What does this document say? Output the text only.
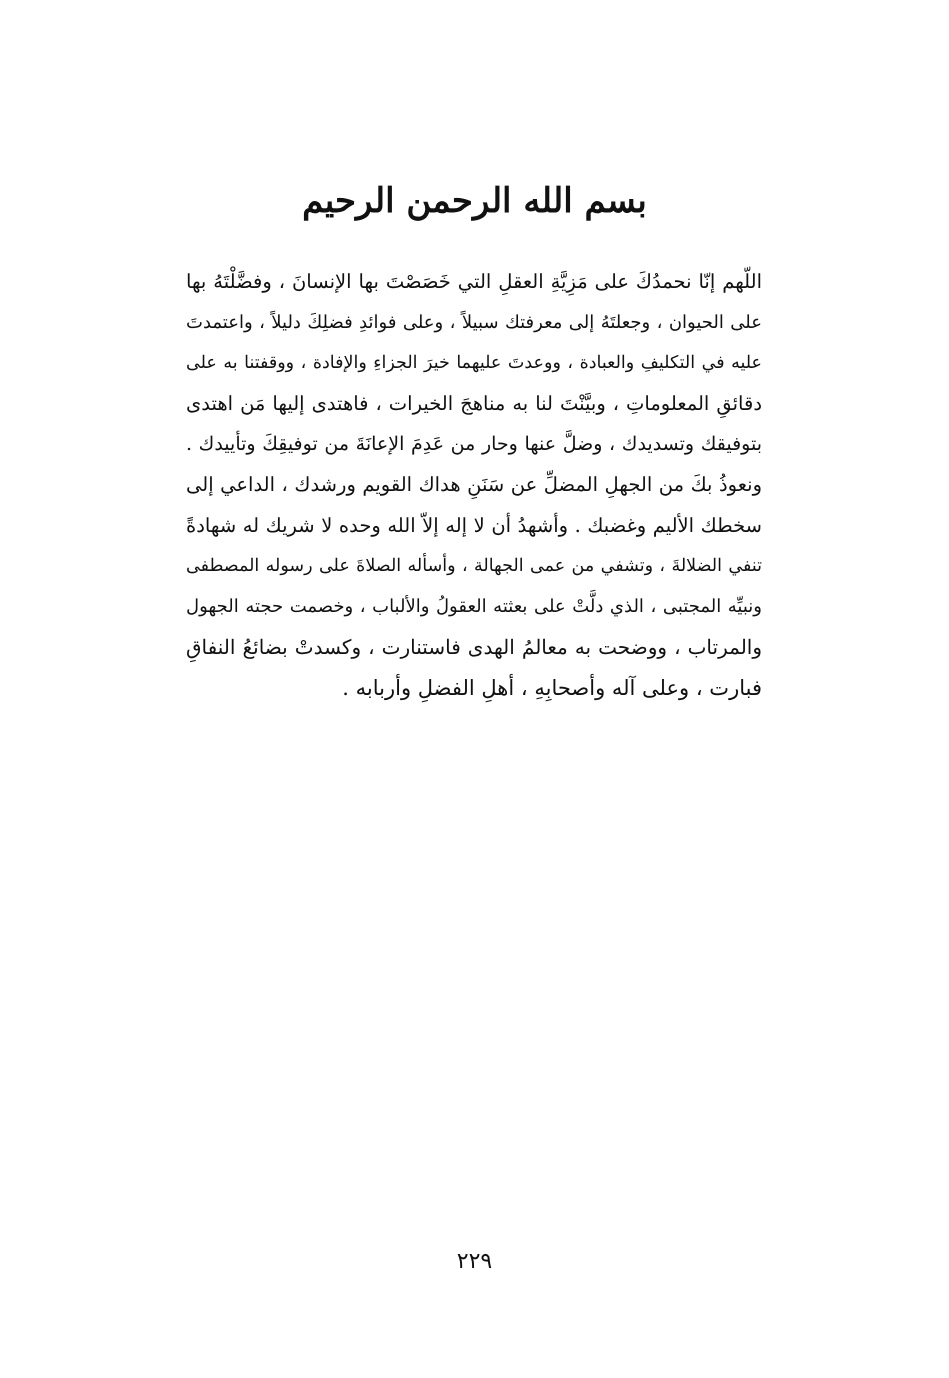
بسم الله الرحمن الرحيم
اللّهم إنّا نحمدُكَ على مَزِيَّةِ العقلِ التي خَصَصْتَ بها الإنسانَ ، وفضَّلْتَهُ بها
على الحيوان ، وجعلتَهُ إلى معرفتك سبيلاً ، وعلى فوائدِ فضلِكَ دليلاً ، واعتمدتَ
عليه في التكليفِ والعبادة ، ووعدتَ عليهما خيرَ الجزاءِ والإفادة ، ووقفتنا به على
دقائقِ المعلوماتِ ، وبيَّنْتَ لنا به مناهجَ الخيرات ، فاهتدى إليها مَن اهتدى
بتوفيقك وتسديدك ، وضلَّ عنها وحار من عَدِمَ الإعانَةَ من توفيقِكَ وتأييدك .
ونعوذُ بكَ من الجهلِ المضلِّ عن سَنَنِ هداك القويم ورشدك ، الداعي إلى
سخطك الأليم وغضبك . وأشهدُ أن لا إله إلاّ الله وحده لا شريك له شهادةً
تنفي الضلالةَ ، وتشفي من عمى الجهالة ، وأسأله الصلاةَ على رسوله المصطفى
ونبيِّه المجتبى ، الذي دلَّتْ على بعثته العقولُ والألباب ، وخصمت حجته الجهول
والمرتاب ، ووضحت به معالمُ الهدى فاستنارت ، وكسدتْ بضائعُ النفاقِ
فبارت ، وعلى آله وأصحابِهِ ، أهلِ الفضلِ وأربابه .
٢٢٩
